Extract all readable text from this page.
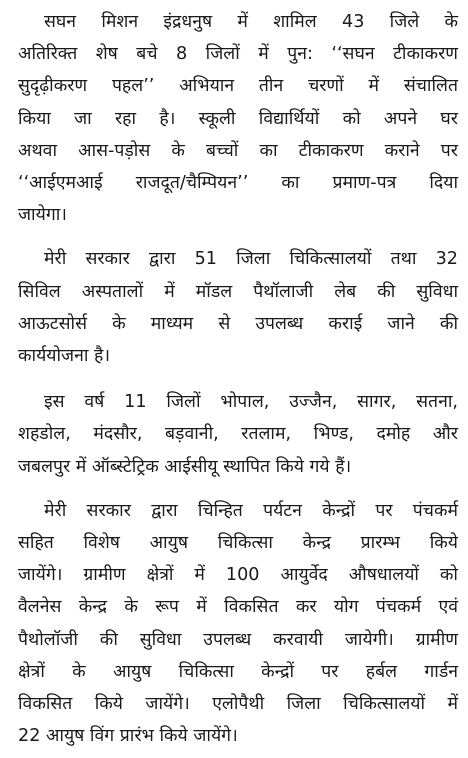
सघन मिशन इंद्रधनुष में शामिल 43 जिले के
अतिरिक्त शेष बचे 8 जिलों में पुन: ‘‘सघन टीकाकरण
सुदृढ़ीकरण पहल’’ अभियान तीन चरणों में संचालित
किया जा रहा है। स्कूली विद्यार्थियों को अपने घर
अथवा आस-पड़ोस के बच्चों का टीकाकरण कराने पर
‘‘आईएमआई राजदूत/चैम्पियन’’ का प्रमाण-पत्र दिया
जायेगा।
मेरी सरकार द्वारा 51 जिला चिकित्सालयों तथा 32
सिविल अस्पतालों में मॉडल पैथॉलाजी लेब की सुविधा
आऊटसोर्स के माध्यम से उपलब्ध कराई जाने की
कार्ययोजना है।
इस वर्ष 11 जिलों भोपाल, उज्जैन, सागर, सतना,
शहडोल, मंदसौर, बड़वानी, रतलाम, भिण्ड, दमोह और
जबलपुर में ऑब्स्टेट्रिक आईसीयू स्थापित किये गये हैं।
मेरी सरकार द्वारा चिन्हित पर्यटन केन्द्रों पर पंचकर्म
सहित विशेष आयुष चिकित्सा केन्द्र प्रारम्भ किये
जायेंगे। ग्रामीण क्षेत्रों में 100 आयुर्वेद औषधालयों को
वैलनेस केन्द्र के रूप में विकसित कर योग पंचकर्म एवं
पैथोलॉजी की सुविधा उपलब्ध करवायी जायेगी। ग्रामीण
क्षेत्रों के आयुष चिकित्सा केन्द्रों पर हर्बल गार्डन
विकसित किये जायेंगे। एलोपैथी जिला चिकित्सालयों में
22 आयुष विंग प्रारंभ किये जायेंगे।
